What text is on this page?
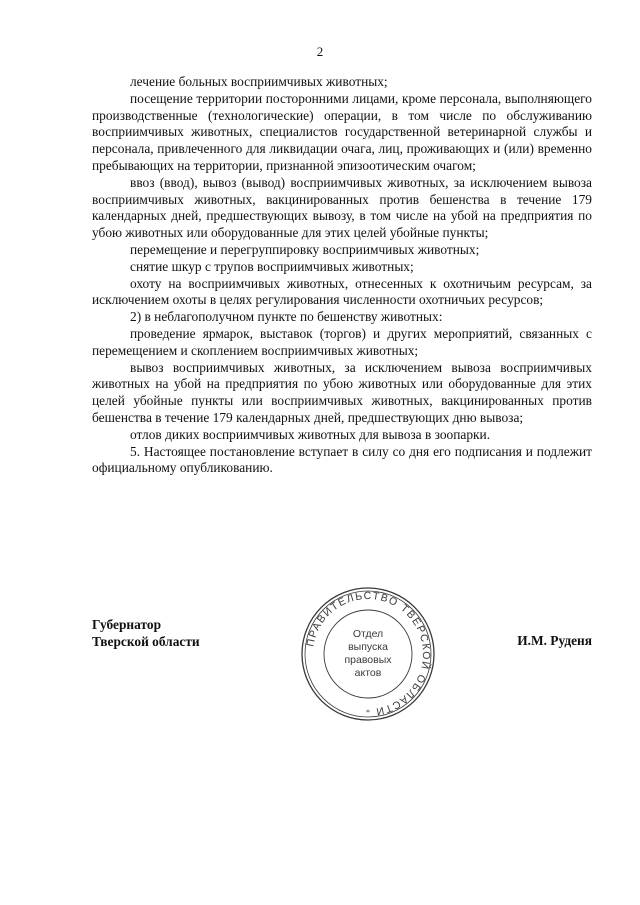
2

лечение больных восприимчивых животных;

посещение территории посторонними лицами, кроме персонала, выполняющего производственные (технологические) операции, в том числе по обслуживанию восприимчивых животных, специалистов государственной ветеринарной службы и персонала, привлеченного для ликвидации очага, лиц, проживающих и (или) временно пребывающих на территории, признанной эпизоотическим очагом;

ввоз (ввод), вывоз (вывод) восприимчивых животных, за исключением вывоза восприимчивых животных, вакцинированных против бешенства в течение 179 календарных дней, предшествующих вывозу, в том числе на убой на предприятия по убою животных или оборудованные для этих целей убойные пункты;

перемещение и перегруппировку восприимчивых животных;

снятие шкур с трупов восприимчивых животных;

охоту на восприимчивых животных, отнесенных к охотничьим ресурсам, за исключением охоты в целях регулирования численности охотничьих ресурсов;

2) в неблагополучном пункте по бешенству животных:

проведение ярмарок, выставок (торгов) и других мероприятий, связанных с перемещением и скоплением восприимчивых животных;

вывоз восприимчивых животных, за исключением вывоза восприимчивых животных на убой на предприятия по убою животных или оборудованные для этих целей убойные пункты или восприимчивых животных, вакцинированных против бешенства в течение 179 календарных дней, предшествующих дню вывоза;

отлов диких восприимчивых животных для вывоза в зоопарки.

5. Настоящее постановление вступает в силу со дня его подписания и подлежит официальному опубликованию.

Губернатор
Тверской области	ПРАВИТЕЛЬСТВО ТВЕРСКОЙ ОБЛАСТИ
*
Отдел
выпуска
правовых
актов
И.М. Руденя
